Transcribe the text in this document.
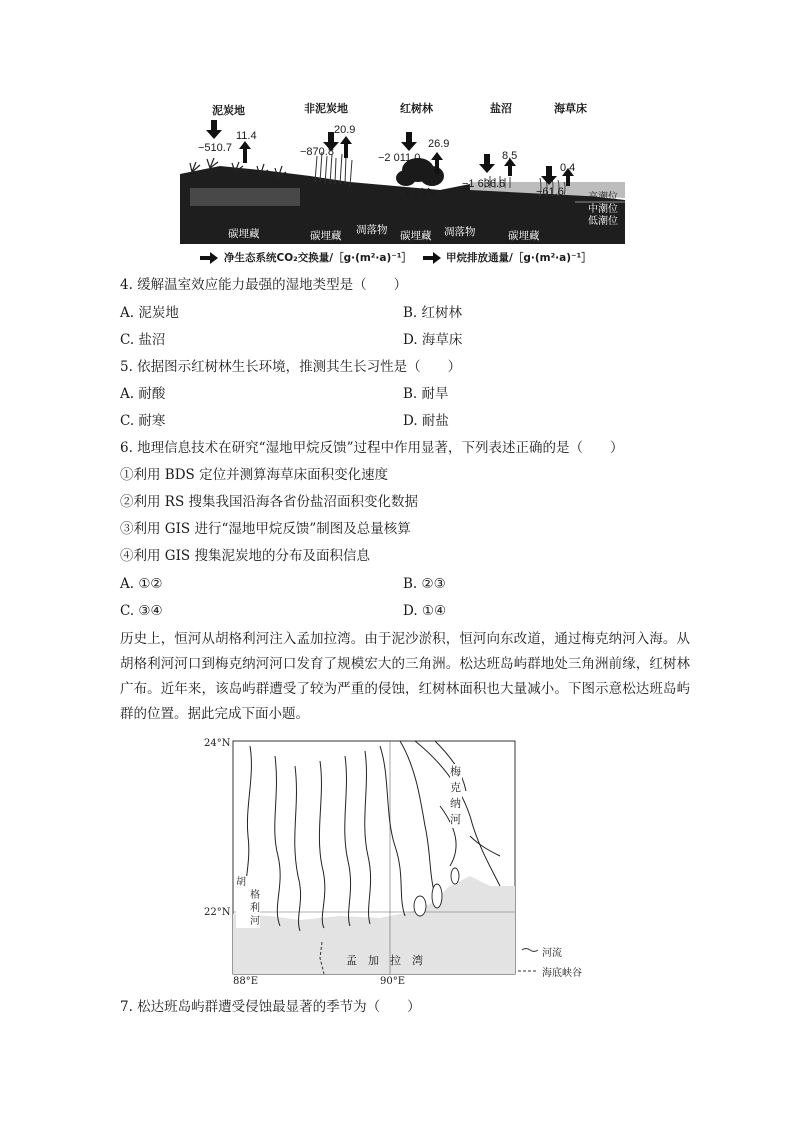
泥炭地	非泥炭地	红树林	盐沼	海草床
−510.7	−870.8	−2 011.0
−1 636.6
−61.6
11.4	20.9
26.9
8.5
0.4
碳埋藏	碳埋藏 凋落物 碳埋藏 凋落物	碳埋藏
高潮位
中潮位
低潮位
净生态系统CO₂交换量/［g·(m²·a)⁻¹］	甲烷排放通量/［g·(m²·a)⁻¹］
4. 缓解温室效应能力最强的湿地类型是（　　）
A. 泥炭地	B. 红树林
C. 盐沼	D. 海草床
5. 依据图示红树林生长环境，推测其生长习性是（　　）
A. 耐酸	B. 耐旱
C. 耐寒	D. 耐盐
6. 地理信息技术在研究“湿地甲烷反馈”过程中作用显著，下列表述正确的是（　　）
①利用 BDS 定位并测算海草床面积变化速度
②利用 RS 搜集我国沿海各省份盐沼面积变化数据
③利用 GIS 进行“湿地甲烷反馈”制图及总量核算
④利用 GIS 搜集泥炭地的分布及面积信息
A. ①②	B. ②③
C. ③④	D. ①④
历史上，恒河从胡格利河注入孟加拉湾。由于泥沙淤积，恒河向东改道，通过梅克纳河入海。从胡格利河河口到梅克纳河河口发育了规模宏大的三角洲。松达班岛屿群地处三角洲前缘，红树林广布。近年来，该岛屿群遭受了较为严重的侵蚀，红树林面积也大量减小。下图示意松达班岛屿群的位置。据此完成下面小题。
24°N
22°N
88°E	90°E
梅
克
纳
河
胡
格
利
河
孟　加　拉　湾
河流
海底峡谷
7. 松达班岛屿群遭受侵蚀最显著的季节为（　　）
